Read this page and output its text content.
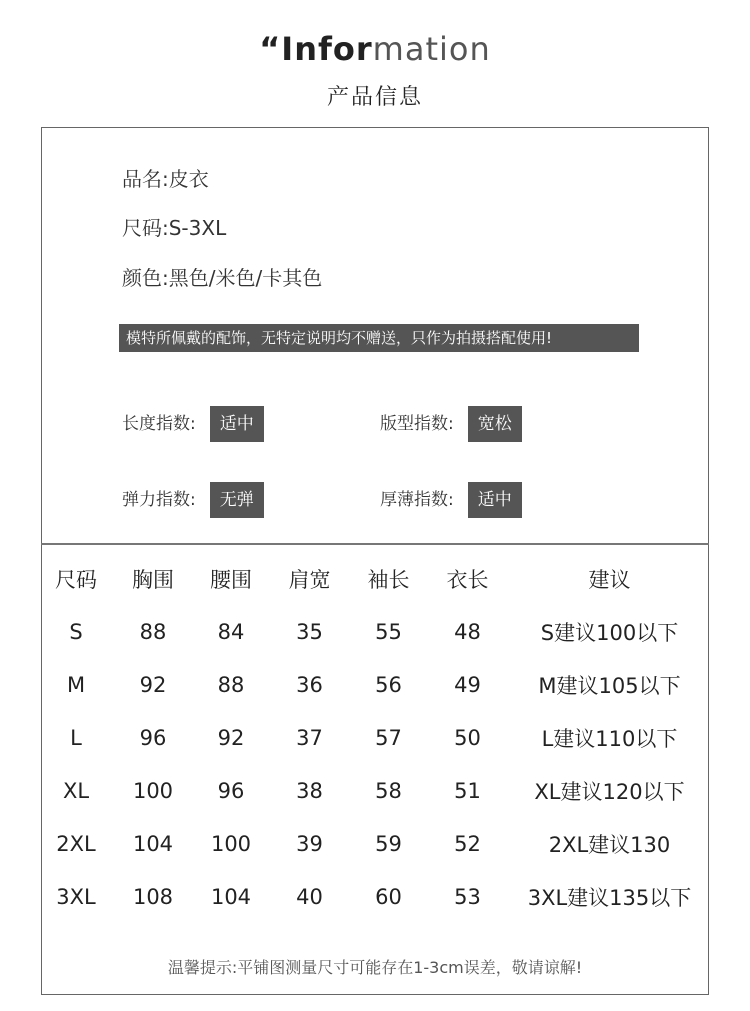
“Information
产品信息
品名:皮衣
尺码:S-3XL
颜色:黑色/米色/卡其色
模特所佩戴的配饰，无特定说明均不赠送，只作为拍摄搭配使用!
长度指数: 适中	版型指数: 宽松
弹力指数: 无弹	厚薄指数: 适中
尺码	胸围	腰围	肩宽	袖长	衣长	建议
S	88	84	35	55	48	S建议100以下
M	92	88	36	56	49	M建议105以下
L	96	92	37	57	50	L建议110以下
XL	100	96	38	58	51	XL建议120以下
2XL	104	100	39	59	52	2XL建议130
3XL	108	104	40	60	53	3XL建议135以下
温馨提示:平铺图测量尺寸可能存在1-3cm误差，敬请谅解!
